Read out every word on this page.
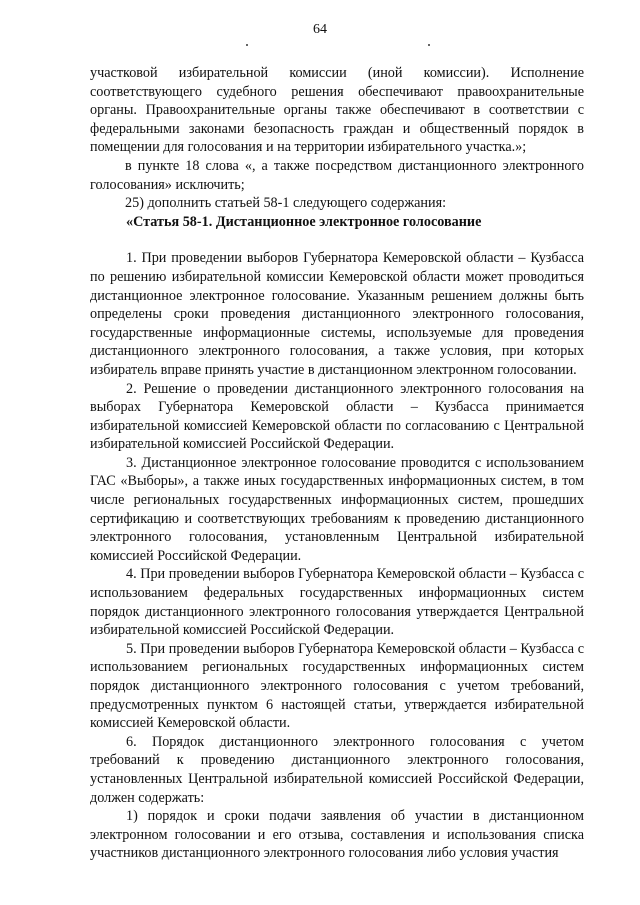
64

участковой избирательной комиссии (иной комиссии). Исполнение соответствующего судебного решения обеспечивают правоохранительные органы. Правоохранительные органы также обеспечивают в соответствии с федеральными законами безопасность граждан и общественный порядок в помещении для голосования и на территории избирательного участка.»;

в пункте 18 слова «, а также посредством дистанционного электронного голосования» исключить;

25) дополнить статьей 58-1 следующего содержания:

«Статья 58-1. Дистанционное электронное голосование

1. При проведении выборов Губернатора Кемеровской области – Кузбасса по решению избирательной комиссии Кемеровской области может проводиться дистанционное электронное голосование. Указанным решением должны быть определены сроки проведения дистанционного электронного голосования, государственные информационные системы, используемые для проведения дистанционного электронного голосования, а также условия, при которых избиратель вправе принять участие в дистанционном электронном голосовании.

2. Решение о проведении дистанционного электронного голосования на выборах Губернатора Кемеровской области – Кузбасса принимается избирательной комиссией Кемеровской области по согласованию с Центральной избирательной комиссией Российской Федерации.

3. Дистанционное электронное голосование проводится с использованием ГАС «Выборы», а также иных государственных информационных систем, в том числе региональных государственных информационных систем, прошедших сертификацию и соответствующих требованиям к проведению дистанционного электронного голосования, установленным Центральной избирательной комиссией Российской Федерации.

4. При проведении выборов Губернатора Кемеровской области – Кузбасса с использованием федеральных государственных информационных систем порядок дистанционного электронного голосования утверждается Центральной избирательной комиссией Российской Федерации.

5. При проведении выборов Губернатора Кемеровской области – Кузбасса с использованием региональных государственных информационных систем порядок дистанционного электронного голосования с учетом требований, предусмотренных пунктом 6 настоящей статьи, утверждается избирательной комиссией Кемеровской области.

6. Порядок дистанционного электронного голосования с учетом требований к проведению дистанционного электронного голосования, установленных Центральной избирательной комиссией Российской Федерации, должен содержать:

1) порядок и сроки подачи заявления об участии в дистанционном электронном голосовании и его отзыва, составления и использования списка участников дистанционного электронного голосования либо условия участия
